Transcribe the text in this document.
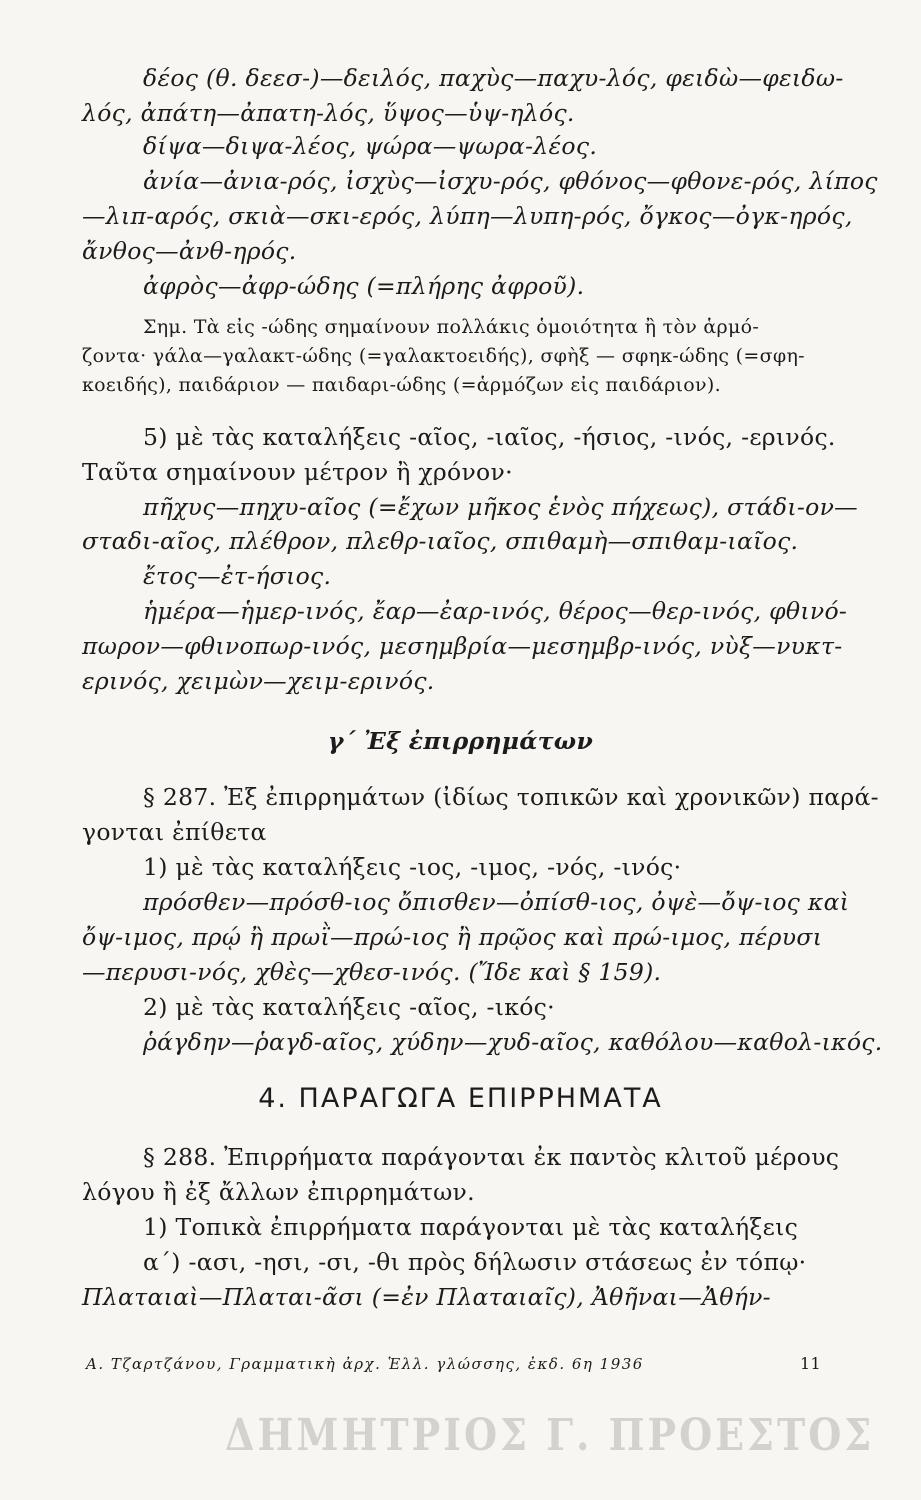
δέος (θ. δεεσ-)—δειλός, παχὺς—παχυ-λός, φειδὼ—φειδω-
λός, ἀπάτη—ἀπατη-λός, ὕψος—ὑψ-ηλός.
δίψα—διψα-λέος, ψώρα—ψωρα-λέος.
ἀνία—ἀνια-ρός, ἰσχὺς—ἰσχυ-ρός, φθόνος—φθονε-ρός, λίπος
—λιπ-αρός, σκιὰ—σκι-ερός, λύπη—λυπη-ρός, ὄγκος—ὀγκ-ηρός,
ἄνθος—ἀνθ-ηρός.
ἀφρὸς—ἀφρ-ώδης (=πλήρης ἀφροῦ).
Σημ. Τὰ εἰς -ώδης σημαίνουν πολλάκις ὁμοιότητα ἢ τὸν ἁρμό-
ζοντα· γάλα—γαλακτ-ώδης (=γαλακτοειδής), σφὴξ — σφηκ-ώδης (=σφη-
κοειδής), παιδάριον — παιδαρι-ώδης (=ἁρμόζων εἰς παιδάριον).
5) μὲ τὰς καταλήξεις -αῖος, -ιαῖος, -ήσιος, -ινός, -ερινός.
Ταῦτα σημαίνουν μέτρον ἢ χρόνον·
πῆχυς—πηχυ-αῖος (=ἔχων μῆκος ἑνὸς πήχεως), στάδι-ον—
σταδι-αῖος, πλέθρον, πλεθρ-ιαῖος, σπιθαμὴ—σπιθαμ-ιαῖος.
ἔτος—ἐτ-ήσιος.
ἡμέρα—ἡμερ-ινός, ἔαρ—ἐαρ-ινός, θέρος—θερ-ινός, φθινό-
πωρον—φθινοπωρ-ινός, μεσημβρία—μεσημβρ-ινός, νὺξ—νυκτ-
ερινός, χειμὼν—χειμ-ερινός.
γ΄ Ἐξ ἐπιρρημάτων
§ 287. Ἐξ ἐπιρρημάτων (ἰδίως τοπικῶν καὶ χρονικῶν) παρά-
γονται ἐπίθετα
1) μὲ τὰς καταλήξεις -ιος, -ιμος, -νός, -ινός·
πρόσθεν—πρόσθ-ιος ὄπισθεν—ὀπίσθ-ιος, ὀψὲ—ὄψ-ιος καὶ
ὄψ-ιμος, πρῴ ἢ πρωῒ—πρώ-ιος ἢ πρῷος καὶ πρώ-ιμος, πέρυσι
—περυσι-νός, χθὲς—χθεσ-ινός. (Ἴδε καὶ § 159).
2) μὲ τὰς καταλήξεις -αῖος, -ικός·
ῥάγδην—ῥαγδ-αῖος, χύδην—χυδ-αῖος, καθόλου—καθολ-ικός.
4. ΠΑΡΑΓΩΓΑ ΕΠΙΡΡΗΜΑΤΑ
§ 288. Ἐπιρρήματα παράγονται ἐκ παντὸς κλιτοῦ μέρους
λόγου ἢ ἐξ ἄλλων ἐπιρρημάτων.
1) Τοπικὰ ἐπιρρήματα παράγονται μὲ τὰς καταλήξεις
α΄) -ασι, -ησι, -σι, -θι πρὸς δήλωσιν στάσεως ἐν τόπῳ·
Πλαταιαὶ—Πλαται-ᾶσι (=ἐν Πλαταιαῖς), Ἀθῆναι—Ἀθήν-
Α. Τζαρτζάνου, Γραμματικὴ ἀρχ. Ἑλλ. γλώσσης, ἐκδ. 6η 1936	11
ΔΗΜΗΤΡΙΟΣ Γ. ΠΡΟΕΣΤΟΣ
